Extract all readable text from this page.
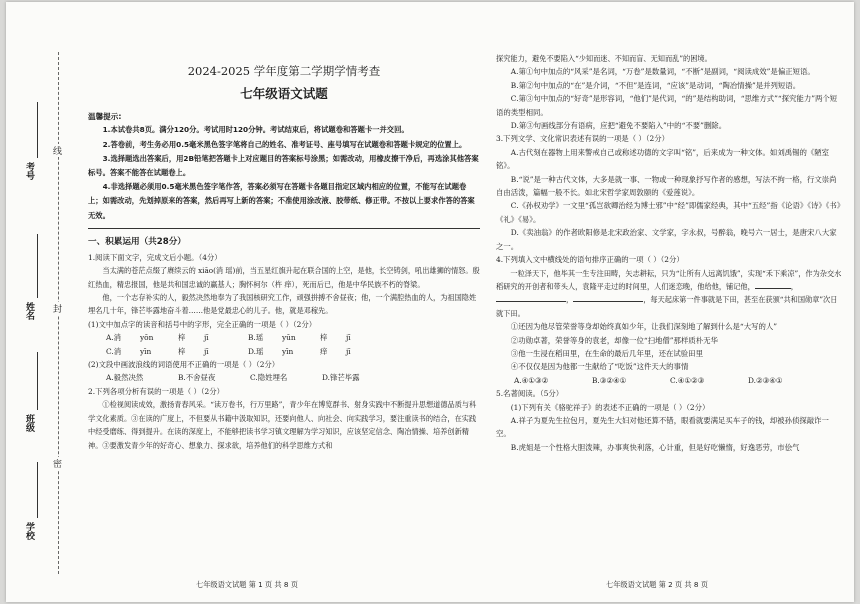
线
封
密
考号
姓名
班级
学校
2024-2025 学年度第二学期学情考查
七年级语文试题

温馨提示:

1.本试卷共8页。满分120分。考试用时120分钟。考试结束后，将试题卷和答题卡一并交回。

2.答卷前，考生务必用0.5毫米黑色签字笔将自己的姓名、准考证号、座号填写在试题卷和答题卡规定的位置上。

3.选择题选出答案后，用2B铅笔把答题卡上对应题目的答案标号涂黑；如需改动，用橡皮擦干净后，再选涂其他答案标号。答案不能答在试题卷上。

4.非选择题必须用0.5毫米黑色签字笔作答，答案必须写在答题卡各题目指定区域内相应的位置，不能写在试题卷上；如需改动，先划掉原来的答案，然后再写上新的答案；不准使用涂改液、胶带纸、修正带。不按以上要求作答的答案无效。

一、积累运用（共28分）

1.阅读下面文字，完成文后小题。（4分）

当太满的苍茫点缀了赓续云的 xiāo(消 瑶)前，当五星红旗升起在联合国的上空，是他，长空铸剑，吼出雄狮的情怒。殷红热血，精忠报国，他是共和国忠诚的赢基人；胸怀柯尔（杵 痒），死而后已，他是中华民族不朽的脊梁。

他，一个志存补实的人，毅然决然地奉为了我国核研究工作，顽强拼搏不舍昼夜；他，一个满腔热血的人，为祖国隐姓埋名几十年，锋芒毕露地奋斗着……他是党最忠心的儿子。他，就是邓稼先。

(1)文中加点字的读音和括号中的字形，完全正确的一项是（ ）（2分）

A.消	yōn	梓	jī	B.瑶	yūn	梓	jī
C.消	yīn	梓	jī	D.瑶	yīn	痒	jī

(2)文段中画波浪线的词语使用不正确的一项是（ ）（2分）

A.毅然决然	B.不舍昼夜	C.隐姓埋名	D.锋芒毕露

2.下列各项分析有误的一项是（ ）（2分）

①检视阅读成效，激扬青春风采。“读万卷书，行万里路”，青少年在博览群书、射身实践中不断提升思想道德品质与科学文化素质。③在读的广度上，不但要从书籍中汲取知识，还要向他人、向社会、向实践学习，要注重读书的结合，在实践中经受磨练、得到提升。在读的深度上，不能够把读书学习镇文理解为学习知识，应该坚定信念、陶冶情操、培养创新精神。③要激发青少年的好奇心、想象力、探求欲，培养他们的科学思维方式和

七年级语文试题 第 1 页 共 8 页

探究能力，避免不要陷入“少知而迷、不知而盲、无知而乱”的困境。

A.第①句中加点的“风采”是名词，“万卷”是数量词，“不断”是副词，“阅读成效”是偏正短语。

B.第②句中加点的“在”是介词，“不但”是连词，“应该”是动词，“陶冶情操”是并列短语。

C.第③句中加点的“好奇”是形容词，“他们”是代词，“的”是结构助词，“思维方式”“探究能力”两个短语的类型相同。

D.第③句画线部分有语病，应把“避免不要陷入”中的“不要”删除。

3.下列文学、文化常识表述有误的一项是（ ）（2分）

A.古代刻在器物上用来警戒自己或称述功德的文字叫“铭”，后来成为一种文体。如刘禹锡的《陋室铭》。

B.“说”是一种古代文体，大多是就一事、一物或一种现象抒写作者的感想，写法不拘一格，行文崇尚自由活泼，篇幅一般不长。如北宋哲学家周敦颐的《爱莲说》。

C.《孙权劝学》一文里“孤岂欲卿治经为博士邪”中“经”即儒家经典，其中“五经”指《论语》《诗》《书》《礼》《易》。

D.《卖油翁》的作者欧阳修是北宋政治家、文学家，字永叔，号醉翁，晚号六一居士，是唐宋八大家之一。

4.下列填入文中横线处的语句排序正确的一项（ ）（2分）

一粒泽天下，他毕其一生专注田畴，矢志耕耘，只为“让所有人远离饥饿”，实现“禾下乘凉”，作为杂交水稻研究的开创者和带头人，袁隆平走过的时间里，人们迷恋晚，他给他，铺记他，	，，	，每天起床第一件事就是下田，甚至在获颁“共和国勋章”次日就下田。

①还因为他尽管荣誉等身却始终真如少年，让我们深刻地了解到什么是“大写的人”

②功勋卓著，荣誉等身的袁老，却像一位“扫地僧”那样质朴无华

③他一生浸在稻田里，在生命的最后几年里，还在试验田里

④不仅仅是因为他都一生献给了“吃饭”这件天大的事情

A.④①③②	B.③②④①	C.④①②③	D.②③④①

5.名著阅读。（5分）

(1)下列有关《骆驼祥子》的表述不正确的一项是（ ）（2分）

A.祥子为夏先生拉包月，夏先生大妇对他还算不错，眼看就要满足买车子的钱，却被孙侦探敲诈一空。

B.虎姐是一个性格大胆泼辣，办事爽快利落，心计重，但是好吃懒惰，好逸恶劳，市侩气

七年级语文试题 第 2 页 共 8 页
